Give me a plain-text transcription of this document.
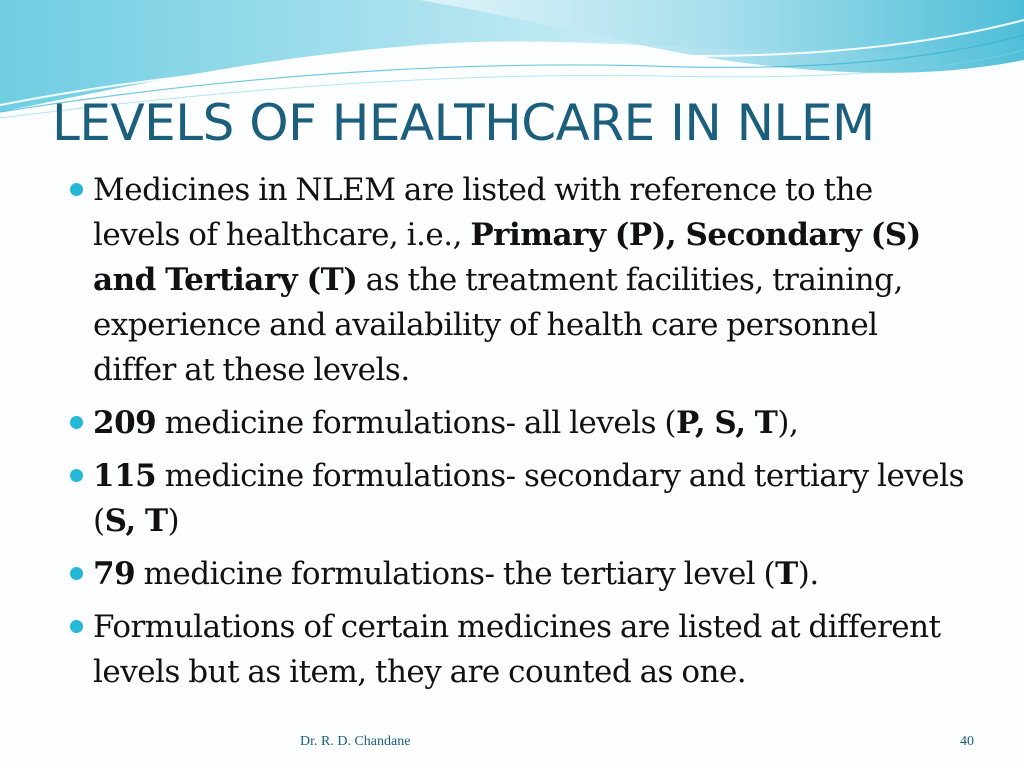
LEVELS OF HEALTHCARE IN NLEM
Medicines in NLEM are listed with reference to the levels of healthcare, i.e., Primary (P), Secondary (S) and Tertiary (T) as the treatment facilities, training, experience and availability of health care personnel differ at these levels.
209 medicine formulations- all levels (P, S, T),
115 medicine formulations- secondary and tertiary levels (S, T)
79 medicine formulations- the tertiary level (T).
Formulations of certain medicines are listed at different levels but as item, they are counted as one.
Dr. R. D. Chandane	40
